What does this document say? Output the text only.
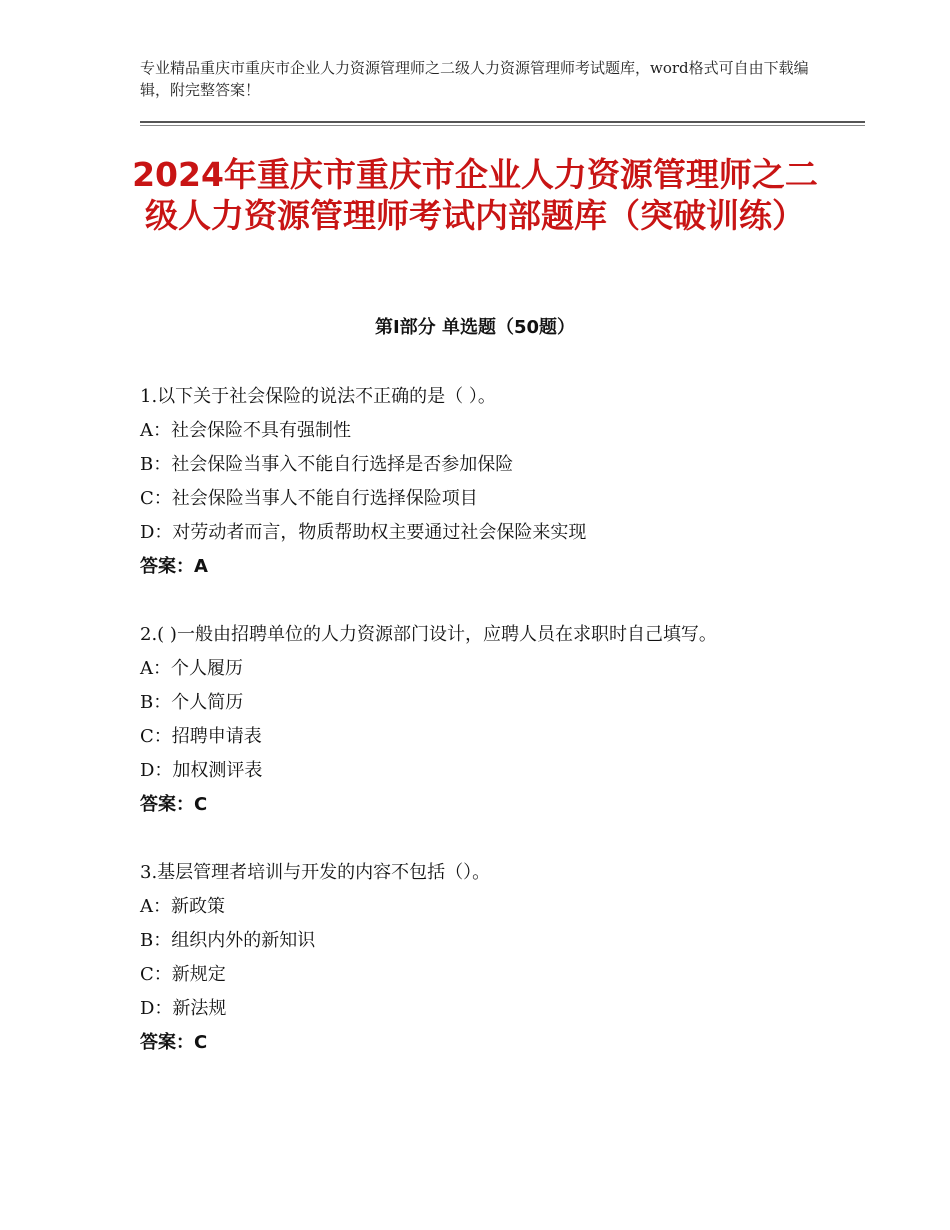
专业精品重庆市重庆市企业人力资源管理师之二级人力资源管理师考试题库，word格式可自由下载编辑，附完整答案！
2024年重庆市重庆市企业人力资源管理师之二级人力资源管理师考试内部题库（突破训练）
第Ⅰ部分 单选题（50题）

1.以下关于社会保险的说法不正确的是（ ）。

A：社会保险不具有强制性

B：社会保险当事入不能自行选择是否参加保险

C：社会保险当事人不能自行选择保险项目

D：对劳动者而言，物质帮助权主要通过社会保险来实现

答案：A

2.( )一般由招聘单位的人力资源部门设计，应聘人员在求职时自己填写。

A：个人履历

B：个人简历

C：招聘申请表

D：加权测评表

答案：C

3.基层管理者培训与开发的内容不包括（）。

A：新政策

B：组织内外的新知识

C：新规定

D：新法规

答案：C
